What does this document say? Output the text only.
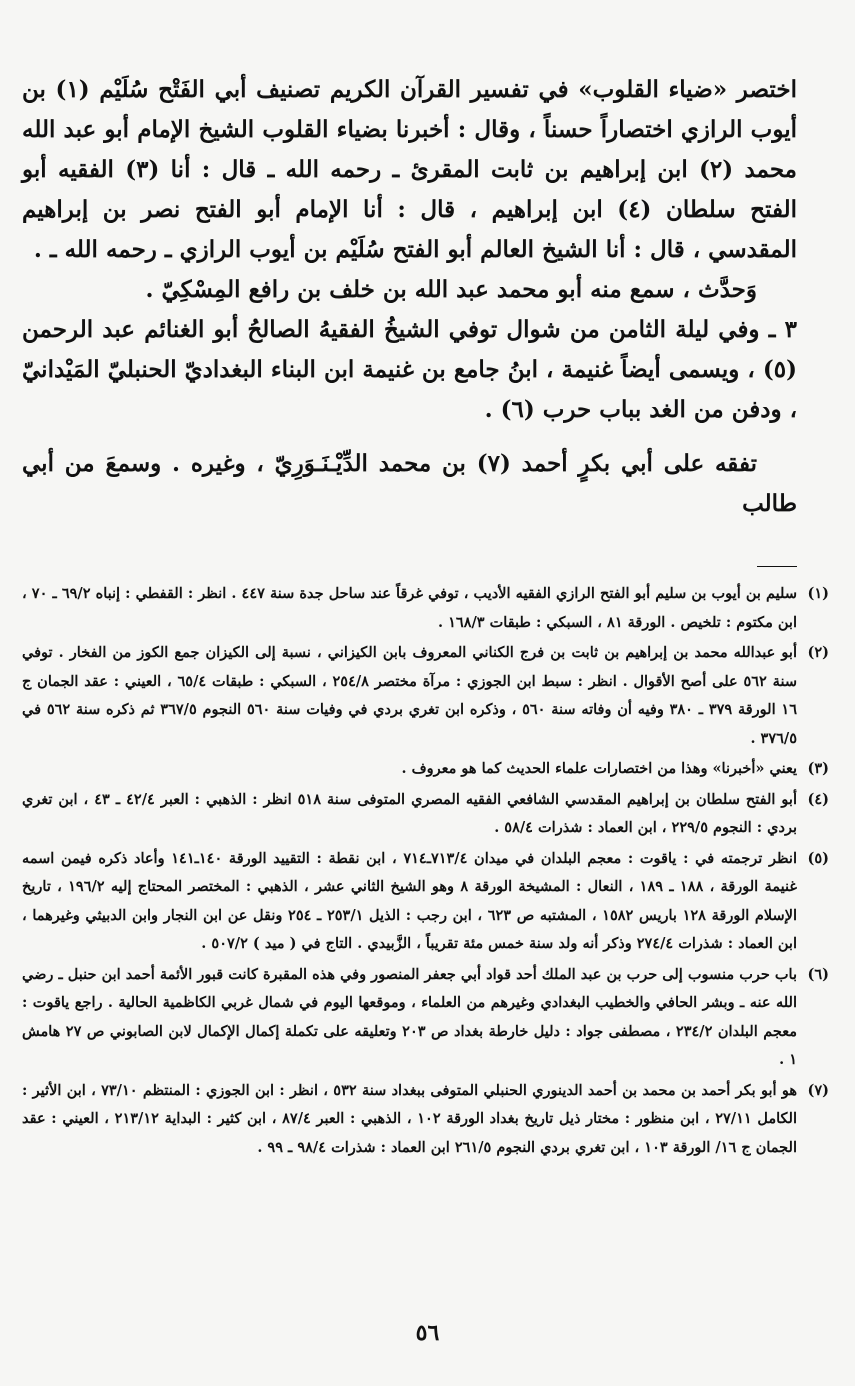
اختصر «ضياء القلوب» في تفسير القرآن الكريم تصنيف أبي الفَتْح سُلَيْم (١) بن أيوب الرازي اختصاراً حسناً ، وقال : أخبرنا بضياء القلوب الشيخ الإمام أبو عبد الله محمد (٢) ابن إبراهيم بن ثابت المقرئ ـ رحمه الله ـ قال : أنا (٣) الفقيه أبو الفتح سلطان (٤) ابن إبراهيم ، قال : أنا الإمام أبو الفتح نصر بن إبراهيم المقدسي ، قال : أنا الشيخ العالم أبو الفتح سُلَيْم بن أيوب الرازي ـ رحمه الله ـ .

وَحدَّث ، سمع منه أبو محمد عبد الله بن خلف بن رافع المِسْكِيّ .

٣ ـ وفي ليلة الثامن من شوال توفي الشيخُ الفقيهُ الصالحُ أبو الغنائم عبد الرحمن (٥) ، ويسمى أيضاً غنيمة ، ابنُ جامع بن غنيمة ابن البناء البغداديّ الحنبليّ المَيْدانيّ ، ودفن من الغد بباب حرب (٦) .

تفقه على أبي بكرٍ أحمد (٧) بن محمد الدِّيْـنَـوَرِيّ ، وغيره . وسمعَ من أبي طالب

(١)
سليم بن أيوب بن سليم أبو الفتح الرازي الفقيه الأديب ، توفي غرقاً عند ساحل جدة سنة ٤٤٧ . انظر : القفطي : إنباه ٦٩/٢ ـ ٧٠ ، ابن مكتوم : تلخيص . الورقة ٨١ ، السبكي : طبقات ١٦٨/٣ .
(٢)
أبو عبدالله محمد بن إبراهيم بن ثابت بن فرج الكناني المعروف بابن الكيزاني ، نسبة إلى الكيزان جمع الكوز من الفخار . توفي سنة ٥٦٢ على أصح الأقوال . انظر : سبط ابن الجوزي : مرآة مختصر ٢٥٤/٨ ، السبكي : طبقات ٦٥/٤ ، العيني : عقد الجمان ج ١٦ الورقة ٣٧٩ ـ ٣٨٠ وفيه أن وفاته سنة ٥٦٠ ، وذكره ابن تغري بردي في وفيات سنة ٥٦٠ النجوم ٣٦٧/٥ ثم ذكره سنة ٥٦٢ في ٣٧٦/٥ .
(٣)
يعني «أخبرنا» وهذا من اختصارات علماء الحديث كما هو معروف .
(٤)
أبو الفتح سلطان بن إبراهيم المقدسي الشافعي الفقيه المصري المتوفى سنة ٥١٨ انظر : الذهبي : العبر ٤٢/٤ ـ ٤٣ ، ابن تغري بردي : النجوم ٢٢٩/٥ ، ابن العماد : شذرات ٥٨/٤ .
(٥)
انظر ترجمته في : ياقوت : معجم البلدان في ميدان ٧١٣/٤ـ٧١٤ ، ابن نقطة : التقييد الورقة ١٤٠ـ١٤١ وأعاد ذكره فيمن اسمه غنيمة الورقة ، ١٨٨ ـ ١٨٩ ، النعال : المشيخة الورقة ٨ وهو الشيخ الثاني عشر ، الذهبي : المختصر المحتاج إليه ١٩٦/٢ ، تاريخ الإسلام الورقة ١٢٨ باريس ١٥٨٢ ، المشتبه ص ٦٢٣ ، ابن رجب : الذيل ٢٥٣/١ ـ ٢٥٤ ونقل عن ابن النجار وابن الدبيثي وغيرهما ، ابن العماد : شذرات ٢٧٤/٤ وذكر أنه ولد سنة خمس مئة تقريباً ، الزَّبيدي . التاج في ( ميد ) ٥٠٧/٢ .
(٦)
باب حرب منسوب إلى حرب بن عبد الملك أحد قواد أبي جعفر المنصور وفي هذه المقبرة كانت قبور الأئمة أحمد ابن حنبل ـ رضي الله عنه ـ وبشر الحافي والخطيب البغدادي وغيرهم من العلماء ، وموقعها اليوم في شمال غربي الكاظمية الحالية . راجع ياقوت : معجم البلدان ٢٣٤/٢ ، مصطفى جواد : دليل خارطة بغداد ص ٢٠٣ وتعليقه على تكملة إكمال الإكمال لابن الصابوني ص ٢٧ هامش ١ .
(٧)
هو أبو بكر أحمد بن محمد بن أحمد الدينوري الحنبلي المتوفى ببغداد سنة ٥٣٢ ، انظر : ابن الجوزي : المنتظم ٧٣/١٠ ، ابن الأثير : الكامل ٢٧/١١ ، ابن منظور : مختار ذيل تاريخ بغداد الورقة ١٠٢ ، الذهبي : العبر ٨٧/٤ ، ابن كثير : البداية ٢١٣/١٢ ، العيني : عقد الجمان ج ١٦/ الورقة ١٠٣ ، ابن تغري بردي النجوم ٢٦١/٥ ابن العماد : شذرات ٩٨/٤ ـ ٩٩ .
٥٦
